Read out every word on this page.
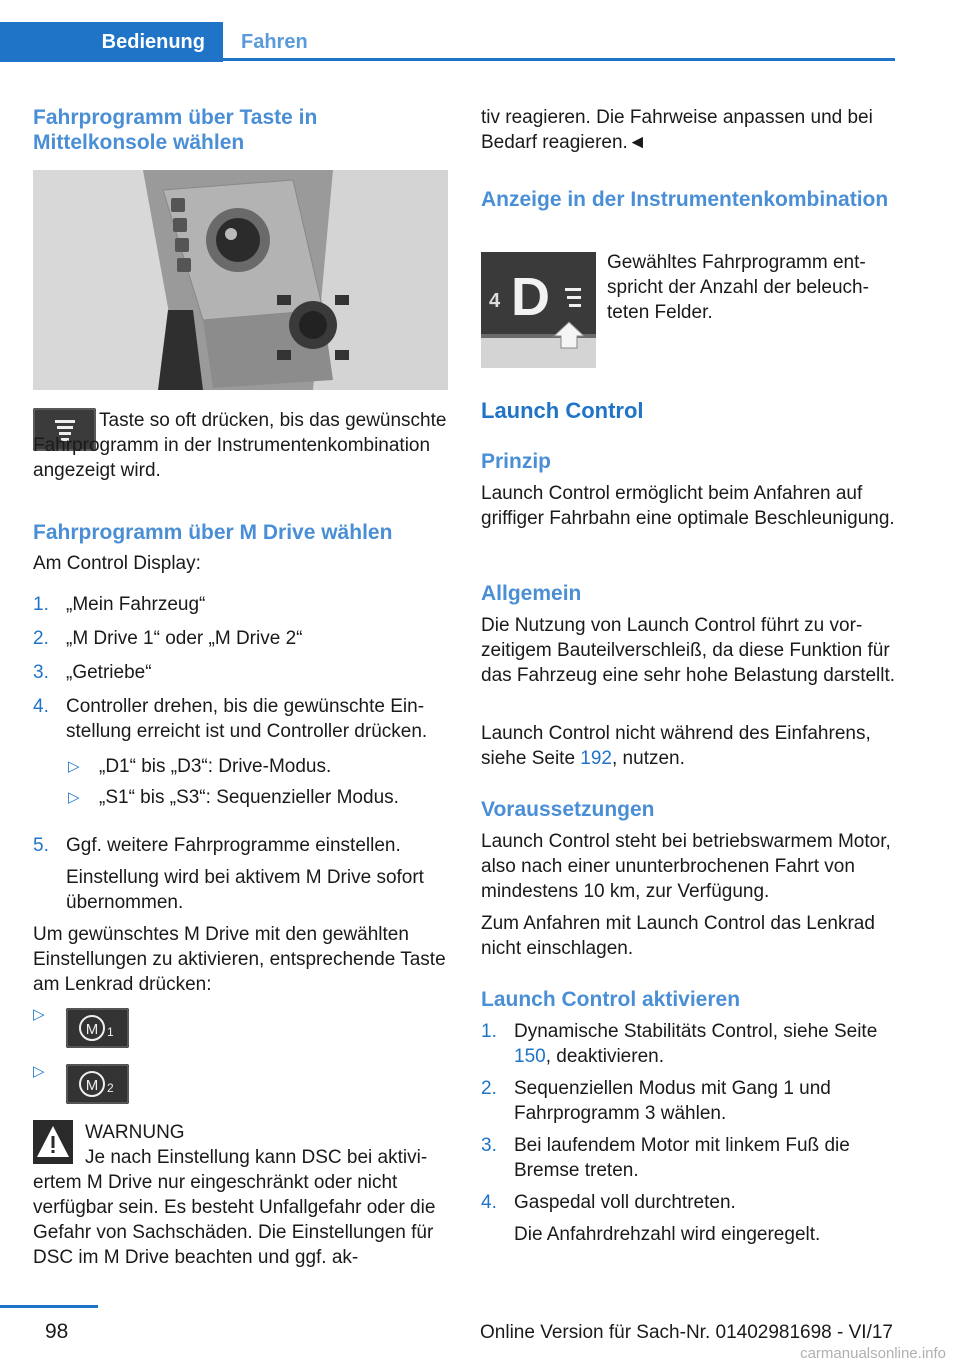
Bedienung	Fahren
Fahrprogramm über Taste in Mittelkonsole wählen

Taste so oft drücken, bis das gewünschte Fahrprogramm in der Instrumentenkombination angezeigt wird.

Fahrprogramm über M Drive wählen

Am Control Display:

1. „Mein Fahrzeug“
2. „M Drive 1“ oder „M Drive 2“
3. „Getriebe“
4. Controller drehen, bis die gewünschte Einstellung erreicht ist und Controller drücken.
▷ „D1“ bis „D3“: Drive-Modus.
▷ „S1“ bis „S3“: Sequenzieller Modus.
5. Ggf. weitere Fahrprogramme einstellen.
Einstellung wird bei aktivem M Drive sofort übernommen.

Um gewünschtes M Drive mit den gewählten Einstellungen zu aktivieren, entsprechende Taste am Lenkrad drücken:

▷
M 1
▷
M 2

WARNUNG

Je nach Einstellung kann DSC bei aktiviertem M Drive nur eingeschränkt oder nicht verfügbar sein. Es besteht Unfallgefahr oder die Gefahr von Sachschäden. Die Einstellungen für DSC im M Drive beachten und ggf. ak-

tiv reagieren. Die Fahrweise anpassen und bei Bedarf reagieren.◄

Anzeige in der Instrumentenkombination
4 D

Gewähltes Fahrprogramm entspricht der Anzahl der beleuchteten Felder.

Launch Control
Prinzip

Launch Control ermöglicht beim Anfahren auf griffiger Fahrbahn eine optimale Beschleunigung.

Allgemein

Die Nutzung von Launch Control führt zu vorzeitigem Bauteilverschleiß, da diese Funktion für das Fahrzeug eine sehr hohe Belastung darstellt.

Launch Control nicht während des Einfahrens, siehe Seite 192, nutzen.

Voraussetzungen

Launch Control steht bei betriebswarmem Motor, also nach einer ununterbrochenen Fahrt von mindestens 10 km, zur Verfügung.

Zum Anfahren mit Launch Control das Lenkrad nicht einschlagen.

Launch Control aktivieren
1. Dynamische Stabilitäts Control, siehe Seite 150, deaktivieren.
2. Sequenziellen Modus mit Gang 1 und Fahrprogramm 3 wählen.
3. Bei laufendem Motor mit linkem Fuß die Bremse treten.
4. Gaspedal voll durchtreten.
Die Anfahrdrehzahl wird eingeregelt.
98	Online Version für Sach-Nr. 01402981698 - VI/17
carmanualsonline.info
